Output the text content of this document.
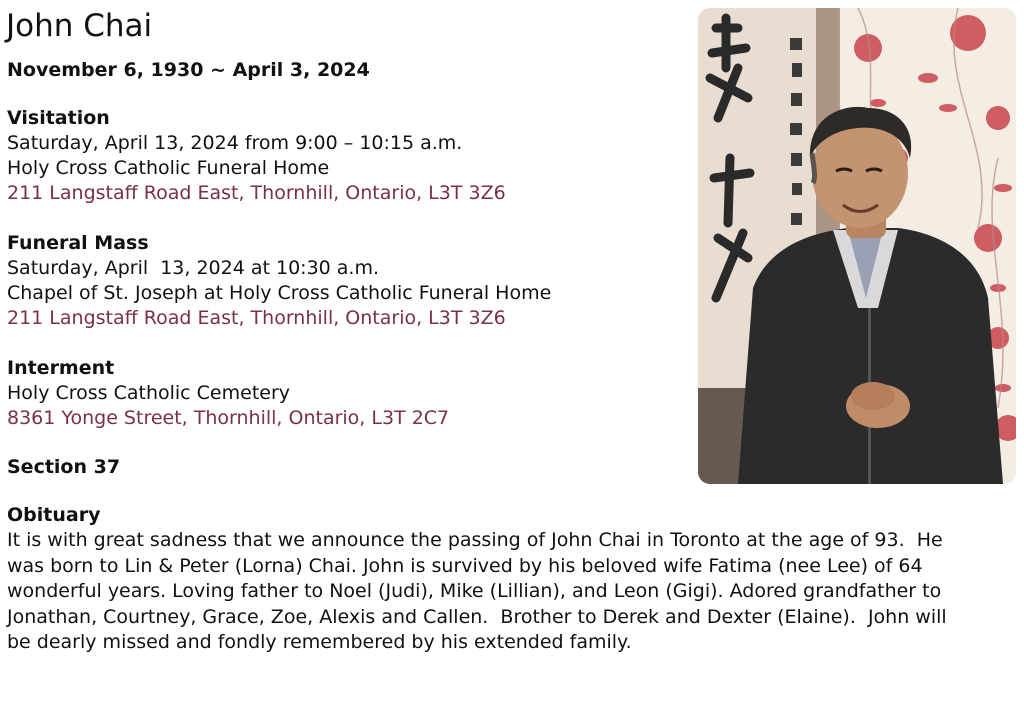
John Chai
November 6, 1930 ~ April 3, 2024
Visitation
Saturday, April 13, 2024 from 9:00 – 10:15 a.m.
Holy Cross Catholic Funeral Home
211 Langstaff Road East, Thornhill, Ontario, L3T 3Z6
Funeral Mass
Saturday, April  13, 2024 at 10:30 a.m.
Chapel of St. Joseph at Holy Cross Catholic Funeral Home
211 Langstaff Road East, Thornhill, Ontario, L3T 3Z6
Interment
Holy Cross Catholic Cemetery
8361 Yonge Street, Thornhill, Ontario, L3T 2C7
Section 37
Obituary
It is with great sadness that we announce the passing of John Chai in Toronto at the age of 93.  He
was born to Lin & Peter (Lorna) Chai. John is survived by his beloved wife Fatima (nee Lee) of 64
wonderful years. Loving father to Noel (Judi), Mike (Lillian), and Leon (Gigi). Adored grandfather to
Jonathan, Courtney, Grace, Zoe, Alexis and Callen.  Brother to Derek and Dexter (Elaine).  John will
be dearly missed and fondly remembered by his extended family.
